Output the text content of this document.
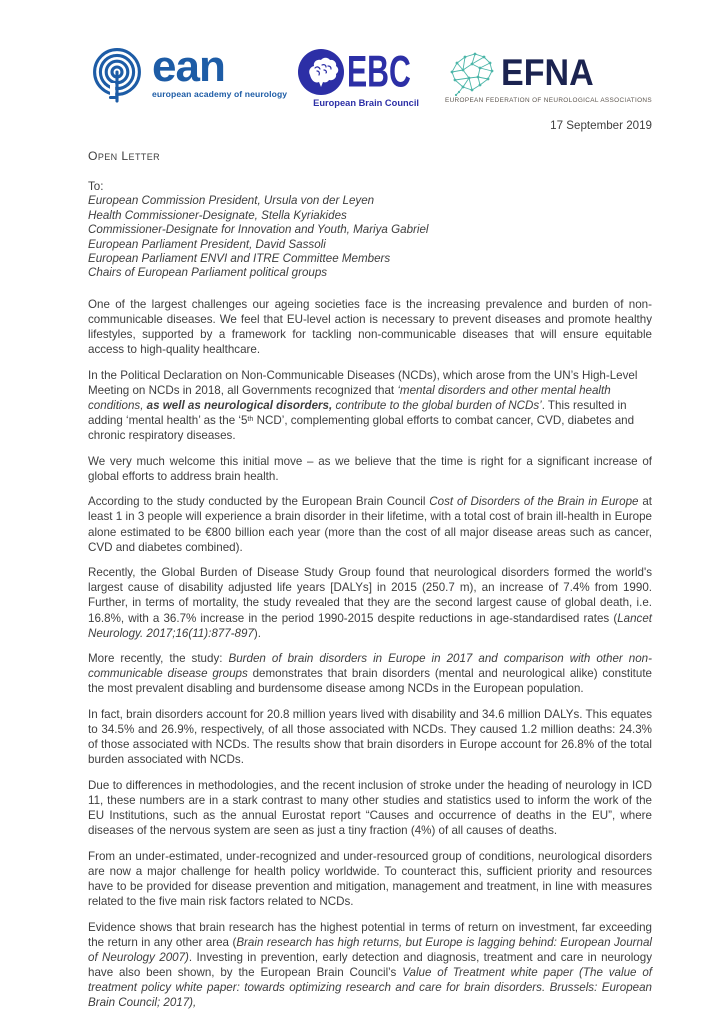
ean
european academy of neurology EBC
European Brain Council
EFNA
EUROPEAN FEDERATION OF NEUROLOGICAL ASSOCIATIONS
17 September 2019
Open Letter
To:
European Commission President, Ursula von der Leyen
Health Commissioner-Designate, Stella Kyriakides
Commissioner-Designate for Innovation and Youth, Mariya Gabriel
European Parliament President, David Sassoli
European Parliament ENVI and ITRE Committee Members
Chairs of European Parliament political groups

One of the largest challenges our ageing societies face is the increasing prevalence and burden of non-communicable diseases. We feel that EU-level action is necessary to prevent diseases and promote healthy lifestyles, supported by a framework for tackling non-communicable diseases that will ensure equitable access to high-quality healthcare.

In the Political Declaration on Non-Communicable Diseases (NCDs), which arose from the UN’s High-Level Meeting on NCDs in 2018, all Governments recognized that ‘mental disorders and other mental health conditions, as well as neurological disorders, contribute to the global burden of NCDs’. This resulted in adding ‘mental health’ as the ‘5th NCD’, complementing global efforts to combat cancer, CVD, diabetes and chronic respiratory diseases.

We very much welcome this initial move – as we believe that the time is right for a significant increase of global efforts to address brain health.

According to the study conducted by the European Brain Council Cost of Disorders of the Brain in Europe at least 1 in 3 people will experience a brain disorder in their lifetime, with a total cost of brain ill-health in Europe alone estimated to be €800 billion each year (more than the cost of all major disease areas such as cancer, CVD and diabetes combined).

Recently, the Global Burden of Disease Study Group found that neurological disorders formed the world's largest cause of disability adjusted life years [DALYs] in 2015 (250.7 m), an increase of 7.4% from 1990. Further, in terms of mortality, the study revealed that they are the second largest cause of global death, i.e. 16.8%, with a 36.7% increase in the period 1990-2015 despite reductions in age-standardised rates (Lancet Neurology. 2017;16(11):877-897).

More recently, the study: Burden of brain disorders in Europe in 2017 and comparison with other non-communicable disease groups demonstrates that brain disorders (mental and neurological alike) constitute the most prevalent disabling and burdensome disease among NCDs in the European population.

In fact, brain disorders account for 20.8 million years lived with disability and 34.6 million DALYs. This equates to 34.5% and 26.9%, respectively, of all those associated with NCDs. They caused 1.2 million deaths: 24.3% of those associated with NCDs. The results show that brain disorders in Europe account for 26.8% of the total burden associated with NCDs.

Due to differences in methodologies, and the recent inclusion of stroke under the heading of neurology in ICD 11, these numbers are in a stark contrast to many other studies and statistics used to inform the work of the EU Institutions, such as the annual Eurostat report “Causes and occurrence of deaths in the EU”, where diseases of the nervous system are seen as just a tiny fraction (4%) of all causes of deaths.

From an under-estimated, under-recognized and under-resourced group of conditions, neurological disorders are now a major challenge for health policy worldwide. To counteract this, sufficient priority and resources have to be provided for disease prevention and mitigation, management and treatment, in line with measures related to the five main risk factors related to NCDs.

Evidence shows that brain research has the highest potential in terms of return on investment, far exceeding the return in any other area (Brain research has high returns, but Europe is lagging behind: European Journal of Neurology 2007). Investing in prevention, early detection and diagnosis, treatment and care in neurology have also been shown, by the European Brain Council’s Value of Treatment white paper (The value of treatment policy white paper: towards optimizing research and care for brain disorders. Brussels: European Brain Council; 2017),
